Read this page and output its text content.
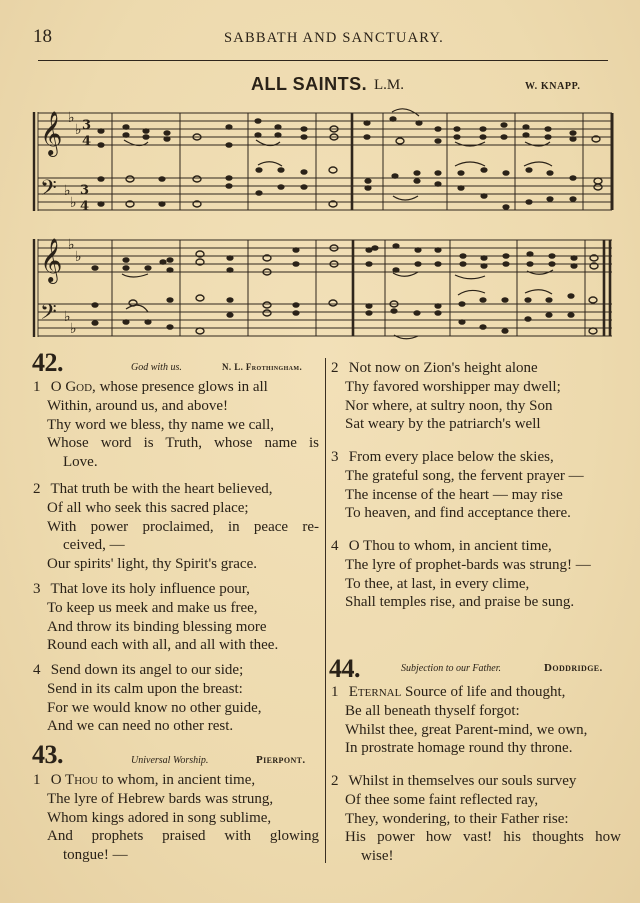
18	SABBATH AND SANCTUARY.
ALL SAINTS. L.M.	W. KNAPP.
𝄞
𝄢
𝄞
𝄢
♭
♭
♭
♭
♭
♭
♭
♭
3
4
3
4
42.	God with us.	N. L. Frothingham.
1 O God, whose presence glows in all
Within, around us, and above!
Thy word we bless, thy name we call,
Whose word is Truth, whose name is
Love.
2 That truth be with the heart believed,
Of all who seek this sacred place;
With power proclaimed, in peace re-
ceived, —
Our spirits' light, thy Spirit's grace.
3 That love its holy influence pour,
To keep us meek and make us free,
And throw its binding blessing more
Round each with all, and all with thee.
4 Send down its angel to our side;
Send in its calm upon the breast:
For we would know no other guide,
And we can need no other rest.
43.	Universal Worship.	Pierpont.
1 O Thou to whom, in ancient time,
The lyre of Hebrew bards was strung,
Whom kings adored in song sublime,
And prophets praised with glowing
tongue! —
2 Not now on Zion's height alone
Thy favored worshipper may dwell;
Nor where, at sultry noon, thy Son
Sat weary by the patriarch's well
3 From every place below the skies,
The grateful song, the fervent prayer —
The incense of the heart — may rise
To heaven, and find acceptance there.
4 O Thou to whom, in ancient time,
The lyre of prophet-bards was strung! —
To thee, at last, in every clime,
Shall temples rise, and praise be sung.
44.	Subjection to our Father.	Doddridge.
1 Eternal Source of life and thought,
Be all beneath thyself forgot:
Whilst thee, great Parent-mind, we own,
In prostrate homage round thy throne.
2 Whilst in themselves our souls survey
Of thee some faint reflected ray,
They, wondering, to their Father rise:
His power how vast! his thoughts how
wise!
